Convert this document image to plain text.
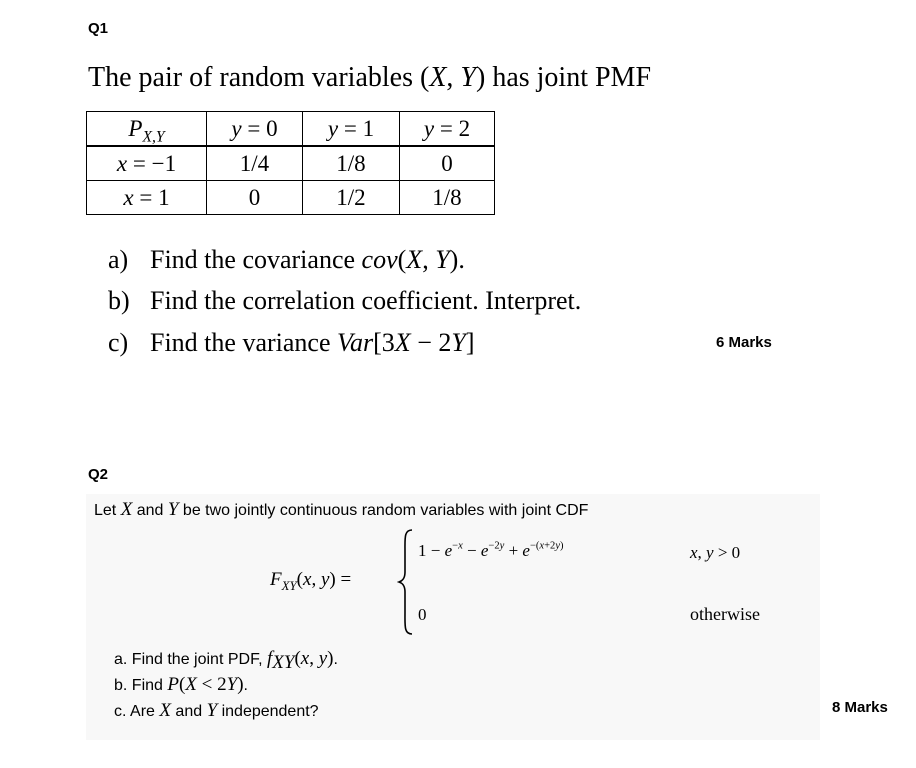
Q1
The pair of random variables (X, Y) has joint PMF
$P_{X,Y}$	y = 0	y = 1	y = 2
x = −1	1/4	1/8	0
x = 1	0	1/2	1/8
a) Find the covariance cov(X, Y).
b) Find the correlation coefficient. Interpret.
c) Find the variance Var[3X − 2Y]	6 Marks
Q2
Let X and Y be two jointly continuous random variables with joint CDF
$F_{XY}(x$, y) =
$1 - e^{-x} - e^{-2y} + e^{-(x+2y)}$	x, y > 0
0	otherwise
a. Find the joint PDF, $f_{XY}(x$, y).
b. Find P(X < 2Y).
c. Are X and Y independent?	8 Marks
